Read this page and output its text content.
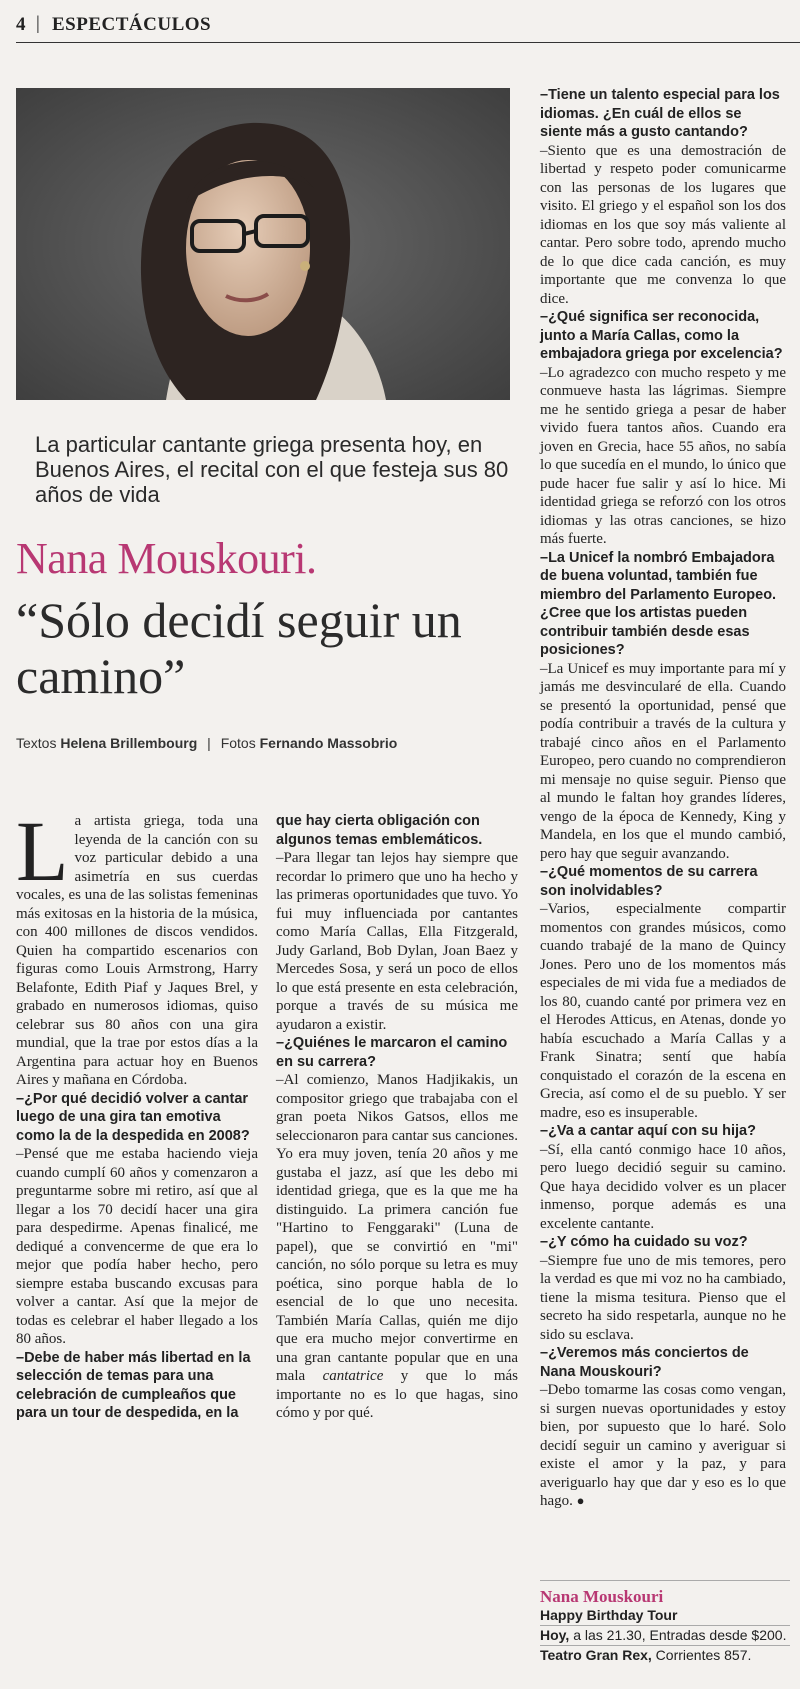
4 | ESPECTÁCULOS
La particular cantante griega presenta hoy, en Buenos Aires, el recital con el que festeja sus 80 años de vida
Nana Mouskouri.
“Sólo decidí seguir un camino”
Textos Helena Brillembourg | Fotos Fernando Massobrio

La artista griega, toda una leyenda de la canción con su voz particular debido a una asimetría en sus cuerdas vocales, es una de las solistas femeninas más exitosas en la historia de la música, con 400 millones de discos vendidos. Quien ha compartido escenarios con figuras como Louis Armstrong, Harry Belafonte, Edith Piaf y Jaques Brel, y grabado en numerosos idiomas, quiso celebrar sus 80 años con una gira mundial, que la trae por estos días a la Argentina para actuar hoy en Buenos Aires y mañana en Córdoba.

–¿Por qué decidió volver a cantar luego de una gira tan emotiva como la de la despedida en 2008?

–Pensé que me estaba haciendo vieja cuando cumplí 60 años y comenzaron a preguntarme sobre mi retiro, así que al llegar a los 70 decidí hacer una gira para despedirme. Apenas finalicé, me dediqué a convencerme de que era lo mejor que podía haber hecho, pero siempre estaba buscando excusas para volver a cantar. Así que la mejor de todas es celebrar el haber llegado a los 80 años.

–Debe de haber más libertad en la selección de temas para una celebración de cumpleaños que para un tour de despedida, en la

que hay cierta obligación con algunos temas emblemáticos.

–Para llegar tan lejos hay siempre que recordar lo primero que uno ha hecho y las primeras oportunidades que tuvo. Yo fui muy influenciada por cantantes como María Callas, Ella Fitzgerald, Judy Garland, Bob Dylan, Joan Baez y Mercedes Sosa, y será un poco de ellos lo que está presente en esta celebración, porque a través de su música me ayudaron a existir.

–¿Quiénes le marcaron el camino en su carrera?

–Al comienzo, Manos Hadjikakis, un compositor griego que trabajaba con el gran poeta Nikos Gatsos, ellos me seleccionaron para cantar sus canciones. Yo era muy joven, tenía 20 años y me gustaba el jazz, así que les debo mi identidad griega, que es la que me ha distinguido. La primera canción fue "Hartino to Fenggaraki" (Luna de papel), que se convirtió en "mi" canción, no sólo porque su letra es muy poética, sino porque habla de lo esencial de lo que uno necesita. También María Callas, quién me dijo que era mucho mejor convertirme en una gran cantante popular que en una mala cantatrice y que lo más importante no es lo que hagas, sino cómo y por qué.

–Tiene un talento especial para los idiomas. ¿En cuál de ellos se siente más a gusto cantando?

–Siento que es una demostración de libertad y respeto poder comunicarme con las personas de los lugares que visito. El griego y el español son los dos idiomas en los que soy más valiente al cantar. Pero sobre todo, aprendo mucho de lo que dice cada canción, es muy importante que me convenza lo que dice.

–¿Qué significa ser reconocida, junto a María Callas, como la embajadora griega por excelencia?

–Lo agradezco con mucho respeto y me conmueve hasta las lágrimas. Siempre me he sentido griega a pesar de haber vivido fuera tantos años. Cuando era joven en Grecia, hace 55 años, no sabía lo que sucedía en el mundo, lo único que pude hacer fue salir y así lo hice. Mi identidad griega se reforzó con los otros idiomas y las otras canciones, se hizo más fuerte.

–La Unicef la nombró Embajadora de buena voluntad, también fue miembro del Parlamento Europeo. ¿Cree que los artistas pueden contribuir también desde esas posiciones?

–La Unicef es muy importante para mí y jamás me desvincularé de ella. Cuando se presentó la oportunidad, pensé que podía contribuir a través de la cultura y trabajé cinco años en el Parlamento Europeo, pero cuando no comprendieron mi mensaje no quise seguir. Pienso que al mundo le faltan hoy grandes líderes, vengo de la época de Kennedy, King y Mandela, en los que el mundo cambió, pero hay que seguir avanzando.

–¿Qué momentos de su carrera son inolvidables?

–Varios, especialmente compartir momentos con grandes músicos, como cuando trabajé de la mano de Quincy Jones. Pero uno de los momentos más especiales de mi vida fue a mediados de los 80, cuando canté por primera vez en el Herodes Atticus, en Atenas, donde yo había escuchado a María Callas y a Frank Sinatra; sentí que había conquistado el corazón de la escena en Grecia, así como el de su pueblo. Y ser madre, eso es insuperable.

–¿Va a cantar aquí con su hija?

–Sí, ella cantó conmigo hace 10 años, pero luego decidió seguir su camino. Que haya decidido volver es un placer inmenso, porque además es una excelente cantante.

–¿Y cómo ha cuidado su voz?

–Siempre fue uno de mis temores, pero la verdad es que mi voz no ha cambiado, tiene la misma tesitura. Pienso que el secreto ha sido respetarla, aunque no he sido su esclava.

–¿Veremos más conciertos de Nana Mouskouri?

–Debo tomarme las cosas como vengan, si surgen nuevas oportunidades y estoy bien, por supuesto que lo haré. Solo decidí seguir un camino y averiguar si existe el amor y la paz, y para averiguarlo hay que dar y eso es lo que hago. ●

Nana Mouskouri
Happy Birthday Tour
Hoy, a las 21.30, Entradas desde $200.
Teatro Gran Rex, Corrientes 857.
